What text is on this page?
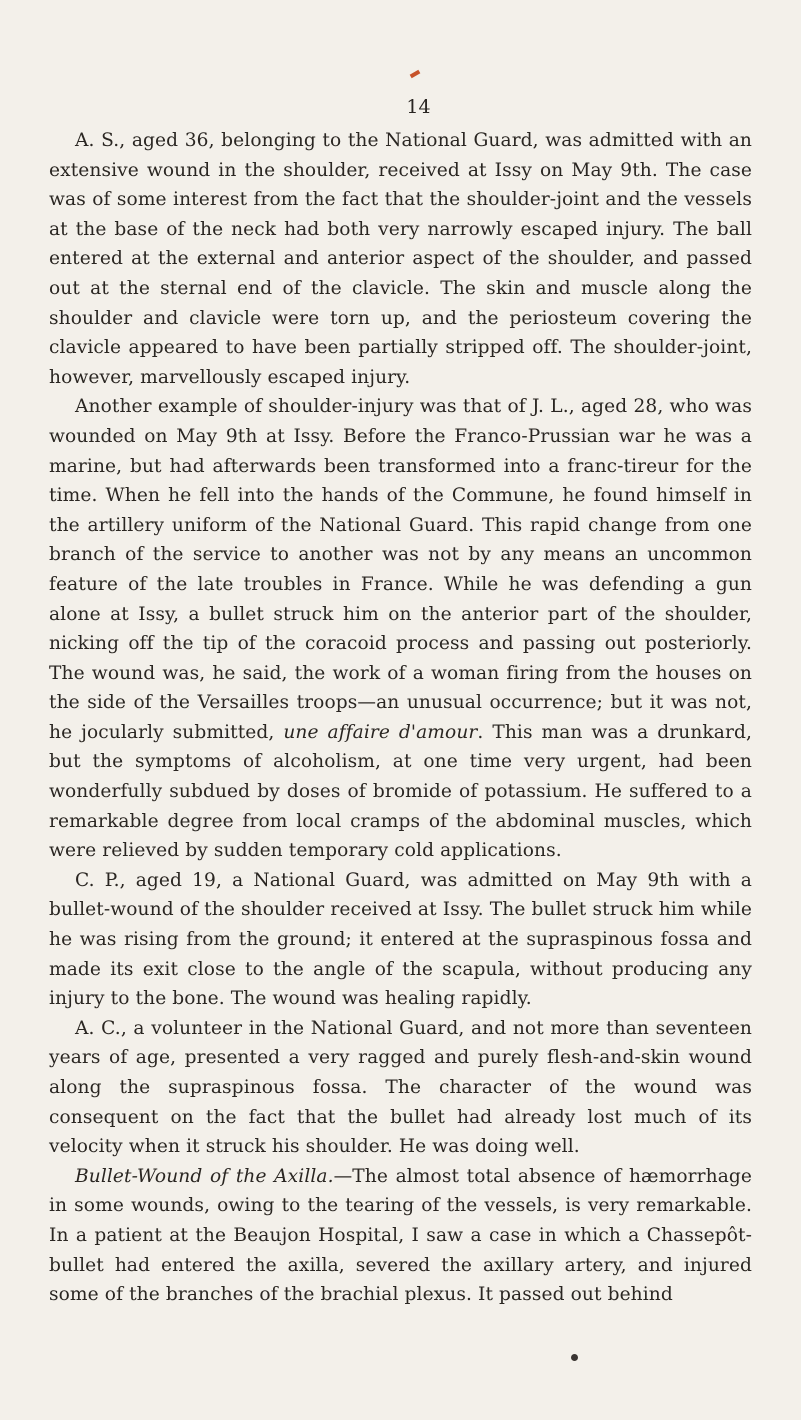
14

A. S., aged 36, belonging to the National Guard, was admitted with an extensive wound in the shoulder, received at Issy on May 9th. The case was of some interest from the fact that the shoulder-joint and the vessels at the base of the neck had both very narrowly escaped injury. The ball entered at the external and anterior aspect of the shoulder, and passed out at the sternal end of the clavicle. The skin and muscle along the shoulder and clavicle were torn up, and the periosteum covering the clavicle appeared to have been partially stripped off. The shoulder-joint, however, marvellously escaped injury.

Another example of shoulder-injury was that of J. L., aged 28, who was wounded on May 9th at Issy. Before the Franco-Prussian war he was a marine, but had afterwards been transformed into a franc-tireur for the time. When he fell into the hands of the Commune, he found himself in the artillery uniform of the National Guard. This rapid change from one branch of the service to another was not by any means an uncommon feature of the late troubles in France. While he was defending a gun alone at Issy, a bullet struck him on the anterior part of the shoulder, nicking off the tip of the coracoid process and passing out posteriorly. The wound was, he said, the work of a woman firing from the houses on the side of the Versailles troops—an unusual occurrence; but it was not, he jocularly submitted, une affaire d'amour. This man was a drunkard, but the symptoms of alcoholism, at one time very urgent, had been wonderfully subdued by doses of bromide of potassium. He suffered to a remarkable degree from local cramps of the abdominal muscles, which were relieved by sudden temporary cold applications.

C. P., aged 19, a National Guard, was admitted on May 9th with a bullet-wound of the shoulder received at Issy. The bullet struck him while he was rising from the ground; it entered at the supraspinous fossa and made its exit close to the angle of the scapula, without producing any injury to the bone. The wound was healing rapidly.

A. C., a volunteer in the National Guard, and not more than seventeen years of age, presented a very ragged and purely flesh-and-skin wound along the supraspinous fossa. The character of the wound was consequent on the fact that the bullet had already lost much of its velocity when it struck his shoulder. He was doing well.

Bullet-Wound of the Axilla.—The almost total absence of hæmorrhage in some wounds, owing to the tearing of the vessels, is very remarkable. In a patient at the Beaujon Hospital, I saw a case in which a Chassepôt-bullet had entered the axilla, severed the axillary artery, and injured some of the branches of the brachial plexus. It passed out behind
